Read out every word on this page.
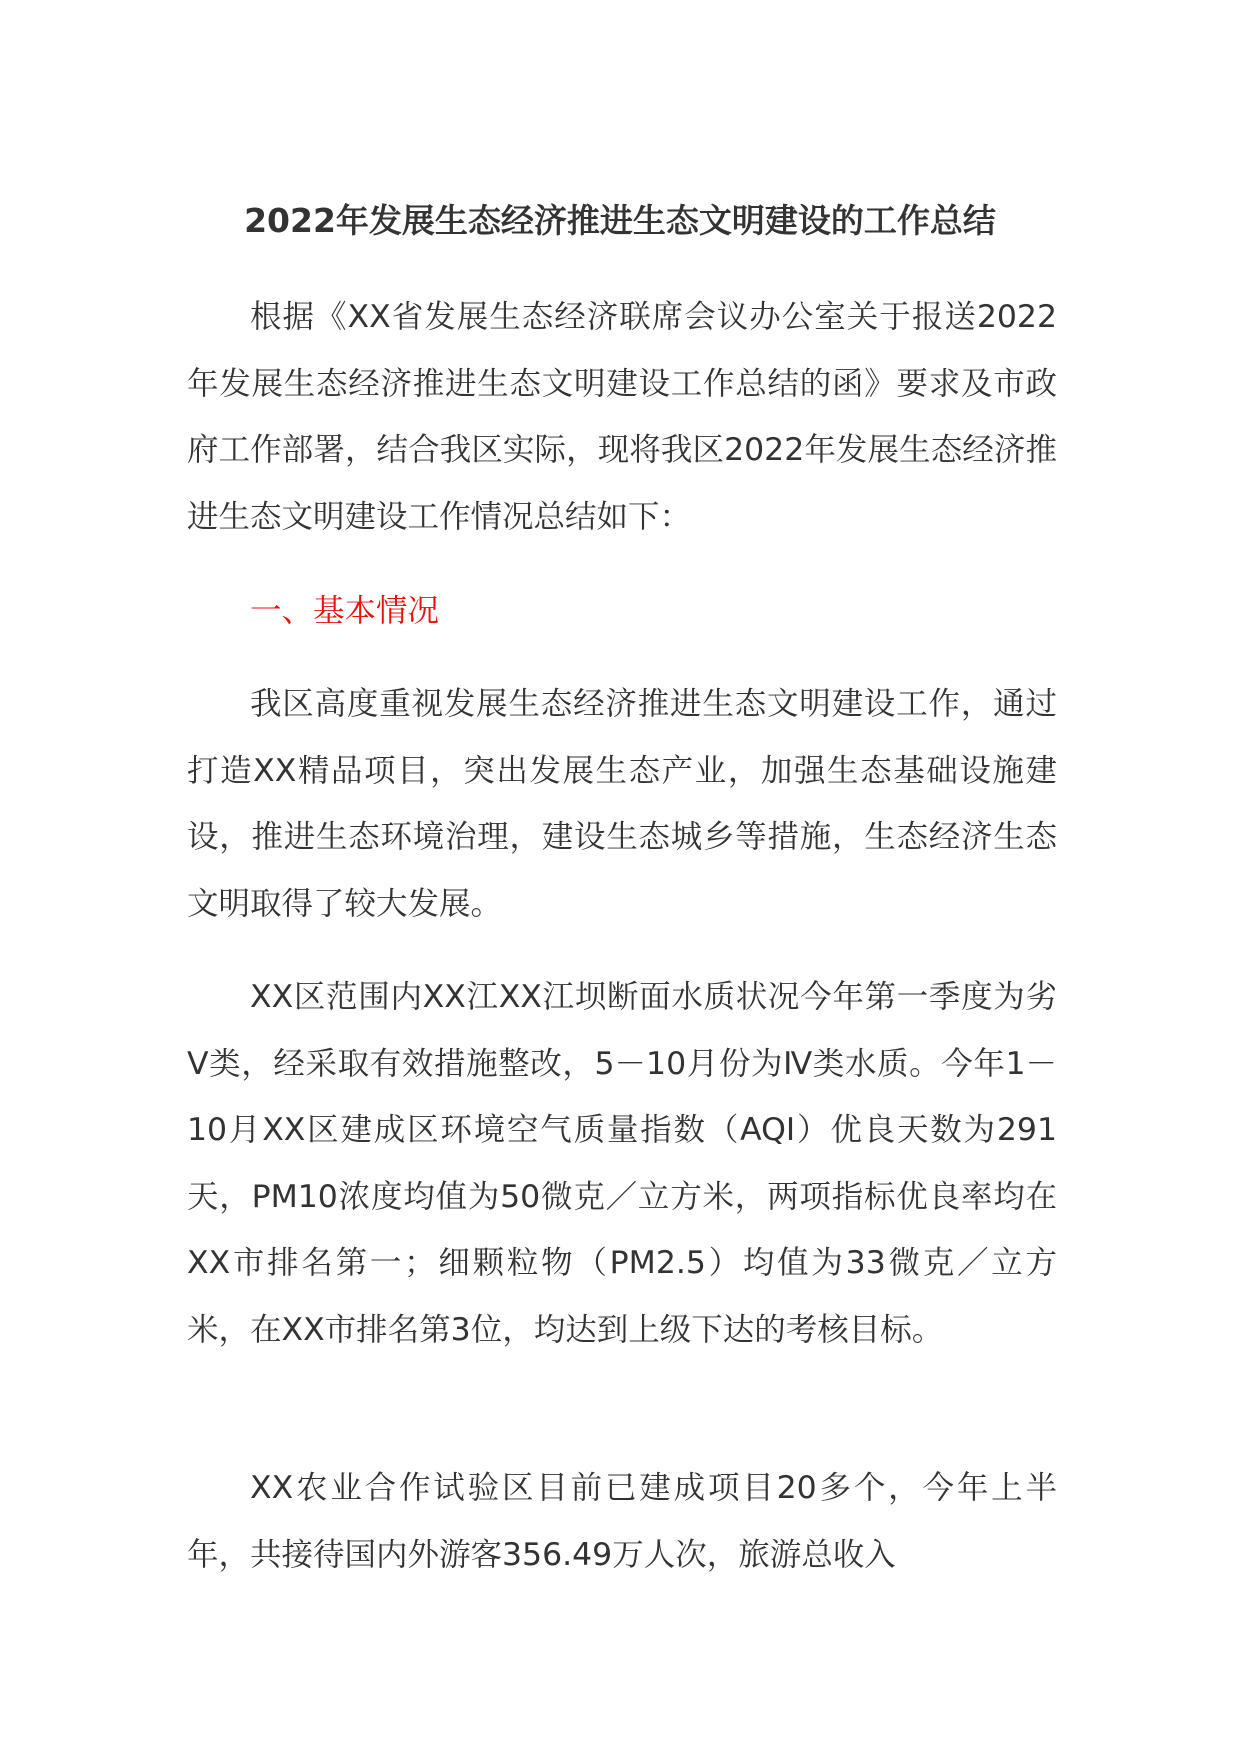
2022年发展生态经济推进生态文明建设的工作总结

根据《XX省发展生态经济联席会议办公室关于报送2022年发展生态经济推进生态文明建设工作总结的函》要求及市政府工作部署，结合我区实际，现将我区2022年发展生态经济推进生态文明建设工作情况总结如下：

一、基本情况

我区高度重视发展生态经济推进生态文明建设工作，通过打造XX精品项目，突出发展生态产业，加强生态基础设施建设，推进生态环境治理，建设生态城乡等措施，生态经济生态文明取得了较大发展。

XX区范围内XX江XX江坝断面水质状况今年第一季度为劣Ⅴ类，经采取有效措施整改，5－10月份为Ⅳ类水质。今年1－10月XX区建成区环境空气质量指数（AQI）优良天数为291天，PM10浓度均值为50微克／立方米，两项指标优良率均在XX市排名第一；细颗粒物（PM2.5）均值为33微克／立方米，在XX市排名第3位，均达到上级下达的考核目标。

XX农业合作试验区目前已建成项目20多个，今年上半年，共接待国内外游客356.49万人次，旅游总收入
